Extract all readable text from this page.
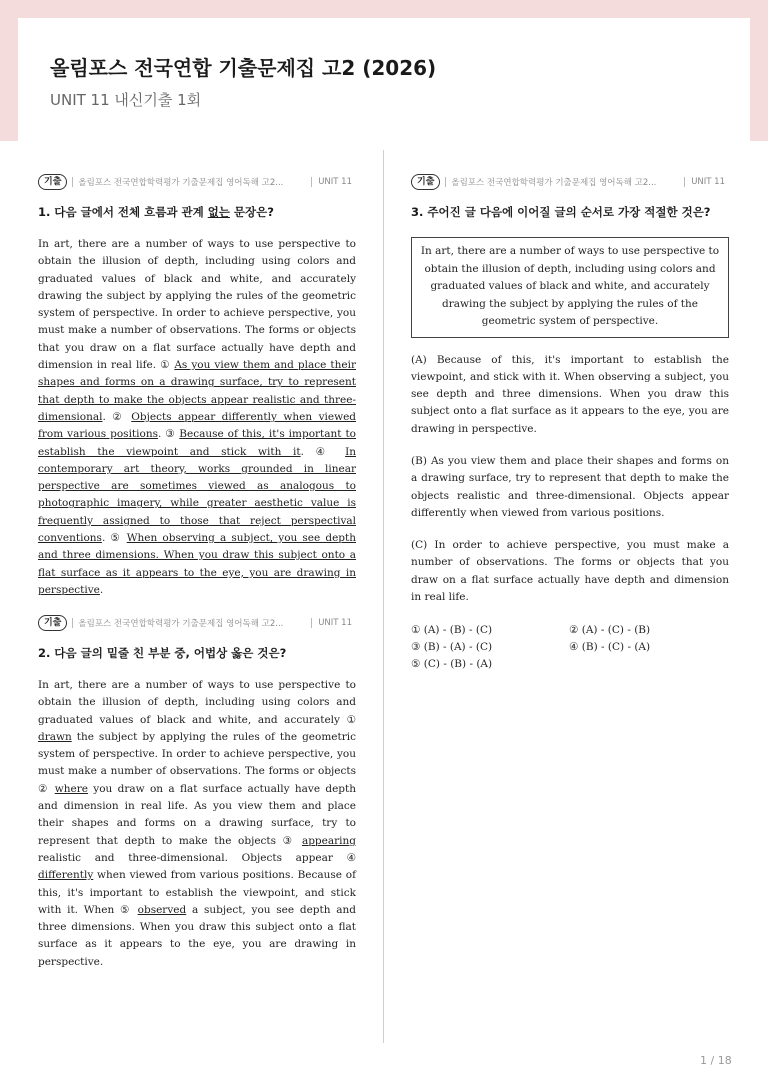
올림포스 전국연합 기출문제집 고2 (2026)
UNIT 11 내신기출 1회
기출	올림포스 전국연합학력평가 기출문제집 영어독해 고2...	UNIT 11
1. 다음 글에서 전체 흐름과 관계 없는 문장은?
In art, there are a number of ways to use perspective to obtain the illusion of depth, including using colors and graduated values of black and white, and accurately drawing the subject by applying the rules of the geometric system of perspective. In order to achieve perspective, you must make a number of observations. The forms or objects that you draw on a flat surface actually have depth and dimension in real life. ① As you view them and place their shapes and forms on a drawing surface, try to represent that depth to make the objects appear realistic and three-dimensional. ② Objects appear differently when viewed from various positions. ③ Because of this, it's important to establish the viewpoint and stick with it. ④ In contemporary art theory, works grounded in linear perspective are sometimes viewed as analogous to photographic imagery, while greater aesthetic value is frequently assigned to those that reject perspectival conventions. ⑤ When observing a subject, you see depth and three dimensions. When you draw this subject onto a flat surface as it appears to the eye, you are drawing in perspective.
기출	올림포스 전국연합학력평가 기출문제집 영어독해 고2...	UNIT 11
2. 다음 글의 밑줄 친 부분 중, 어법상 옳은 것은?
In art, there are a number of ways to use perspective to obtain the illusion of depth, including using colors and graduated values of black and white, and accurately ① drawn the subject by applying the rules of the geometric system of perspective. In order to achieve perspective, you must make a number of observations. The forms or objects ② where you draw on a flat surface actually have depth and dimension in real life. As you view them and place their shapes and forms on a drawing surface, try to represent that depth to make the objects ③ appearing realistic and three-dimensional. Objects appear ④ differently when viewed from various positions. Because of this, it's important to establish the viewpoint, and stick with it. When ⑤ observed a subject, you see depth and three dimensions. When you draw this subject onto a flat surface as it appears to the eye, you are drawing in perspective.
기출	올림포스 전국연합학력평가 기출문제집 영어독해 고2...	UNIT 11
3. 주어진 글 다음에 이어질 글의 순서로 가장 적절한 것은?
In art, there are a number of ways to use perspective to obtain the illusion of depth, including using colors and graduated values of black and white, and accurately drawing the subject by applying the rules of the geometric system of perspective.
(A) Because of this, it's important to establish the viewpoint, and stick with it. When observing a subject, you see depth and three dimensions. When you draw this subject onto a flat surface as it appears to the eye, you are drawing in perspective.
(B) As you view them and place their shapes and forms on a drawing surface, try to represent that depth to make the objects realistic and three-dimensional. Objects appear differently when viewed from various positions.
(C) In order to achieve perspective, you must make a number of observations. The forms or objects that you draw on a flat surface actually have depth and dimension in real life.
① (A) - (B) - (C)	② (A) - (C) - (B)
③ (B) - (A) - (C)	④ (B) - (C) - (A)
⑤ (C) - (B) - (A)
1 / 18
